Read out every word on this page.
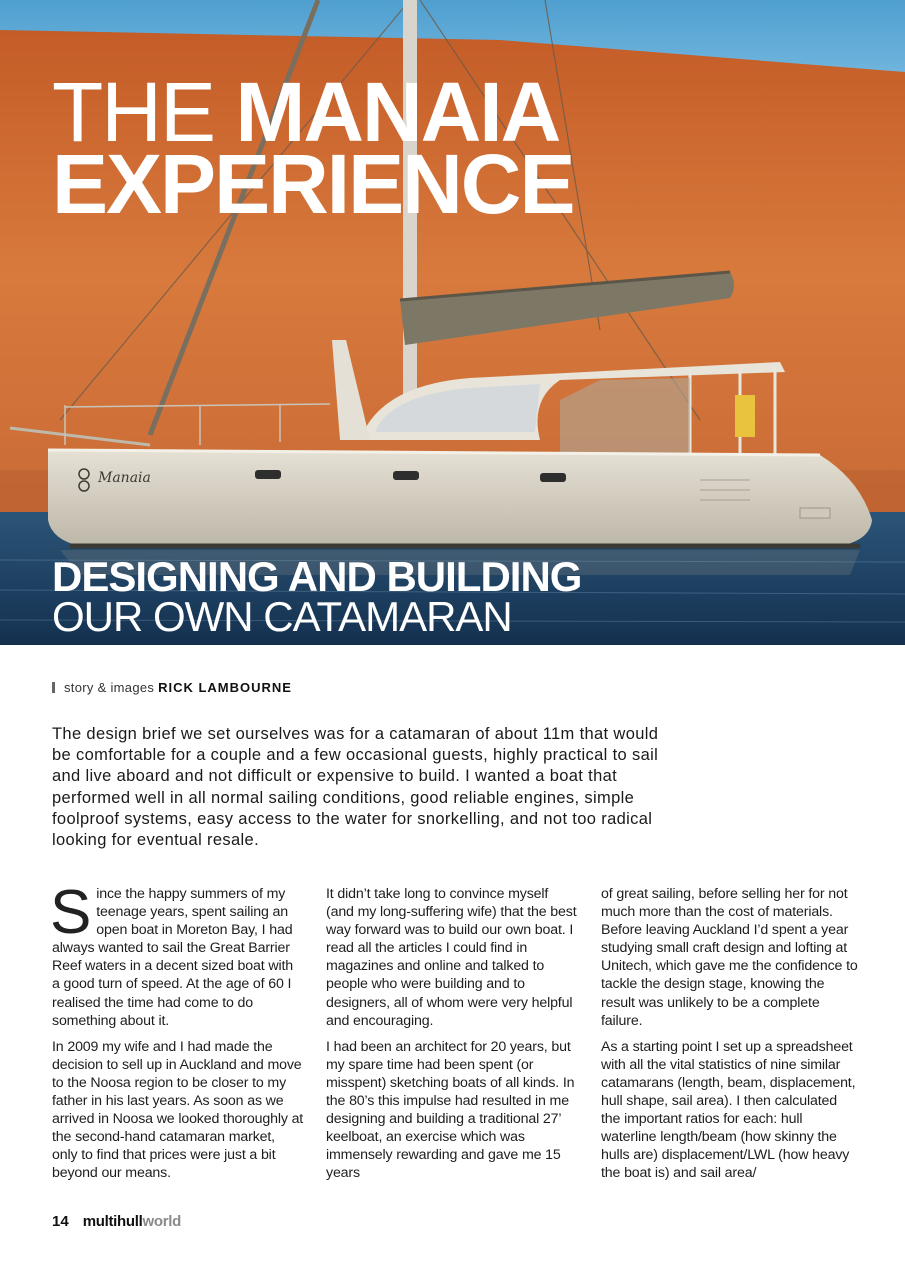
Manaia
THE MANAIA
EXPERIENCE
DESIGNING AND BUILDING
OUR OWN CATAMARAN
story & images RICK LAMBOURNE

The design brief we set ourselves was for a catamaran of about 11m that would be comfortable for a couple and a few occasional guests, highly practical to sail and live aboard and not difficult or expensive to build. I wanted a boat that performed well in all normal sailing conditions, good reliable engines, simple foolproof systems, easy access to the water for snorkelling, and not too radical looking for eventual resale.

Since the happy summers of my teenage years, spent sailing an open boat in Moreton Bay, I had always wanted to sail the Great Barrier Reef waters in a decent sized boat with a good turn of speed. At the age of 60 I realised the time had come to do something about it.

In 2009 my wife and I had made the decision to sell up in Auckland and move to the Noosa region to be closer to my father in his last years. As soon as we arrived in Noosa we looked thoroughly at the second-hand catamaran market, only to find that prices were just a bit beyond our means.

It didn’t take long to convince myself (and my long-suffering wife) that the best way forward was to build our own boat. I read all the articles I could find in magazines and online and talked to people who were building and to designers, all of whom were very helpful and encouraging.

I had been an architect for 20 years, but my spare time had been spent (or misspent) sketching boats of all kinds. In the 80’s this impulse had resulted in me designing and building a traditional 27’ keelboat, an exercise which was immensely rewarding and gave me 15 years

of great sailing, before selling her for not much more than the cost of materials. Before leaving Auckland I’d spent a year studying small craft design and lofting at Unitech, which gave me the confidence to tackle the design stage, knowing the result was unlikely to be a complete failure.

As a starting point I set up a spreadsheet with all the vital statistics of nine similar catamarans (length, beam, displacement, hull shape, sail area). I then calculated the important ratios for each: hull waterline length/beam (how skinny the hulls are) displacement/LWL (how heavy the boat is) and sail area/

14 multihullworld
